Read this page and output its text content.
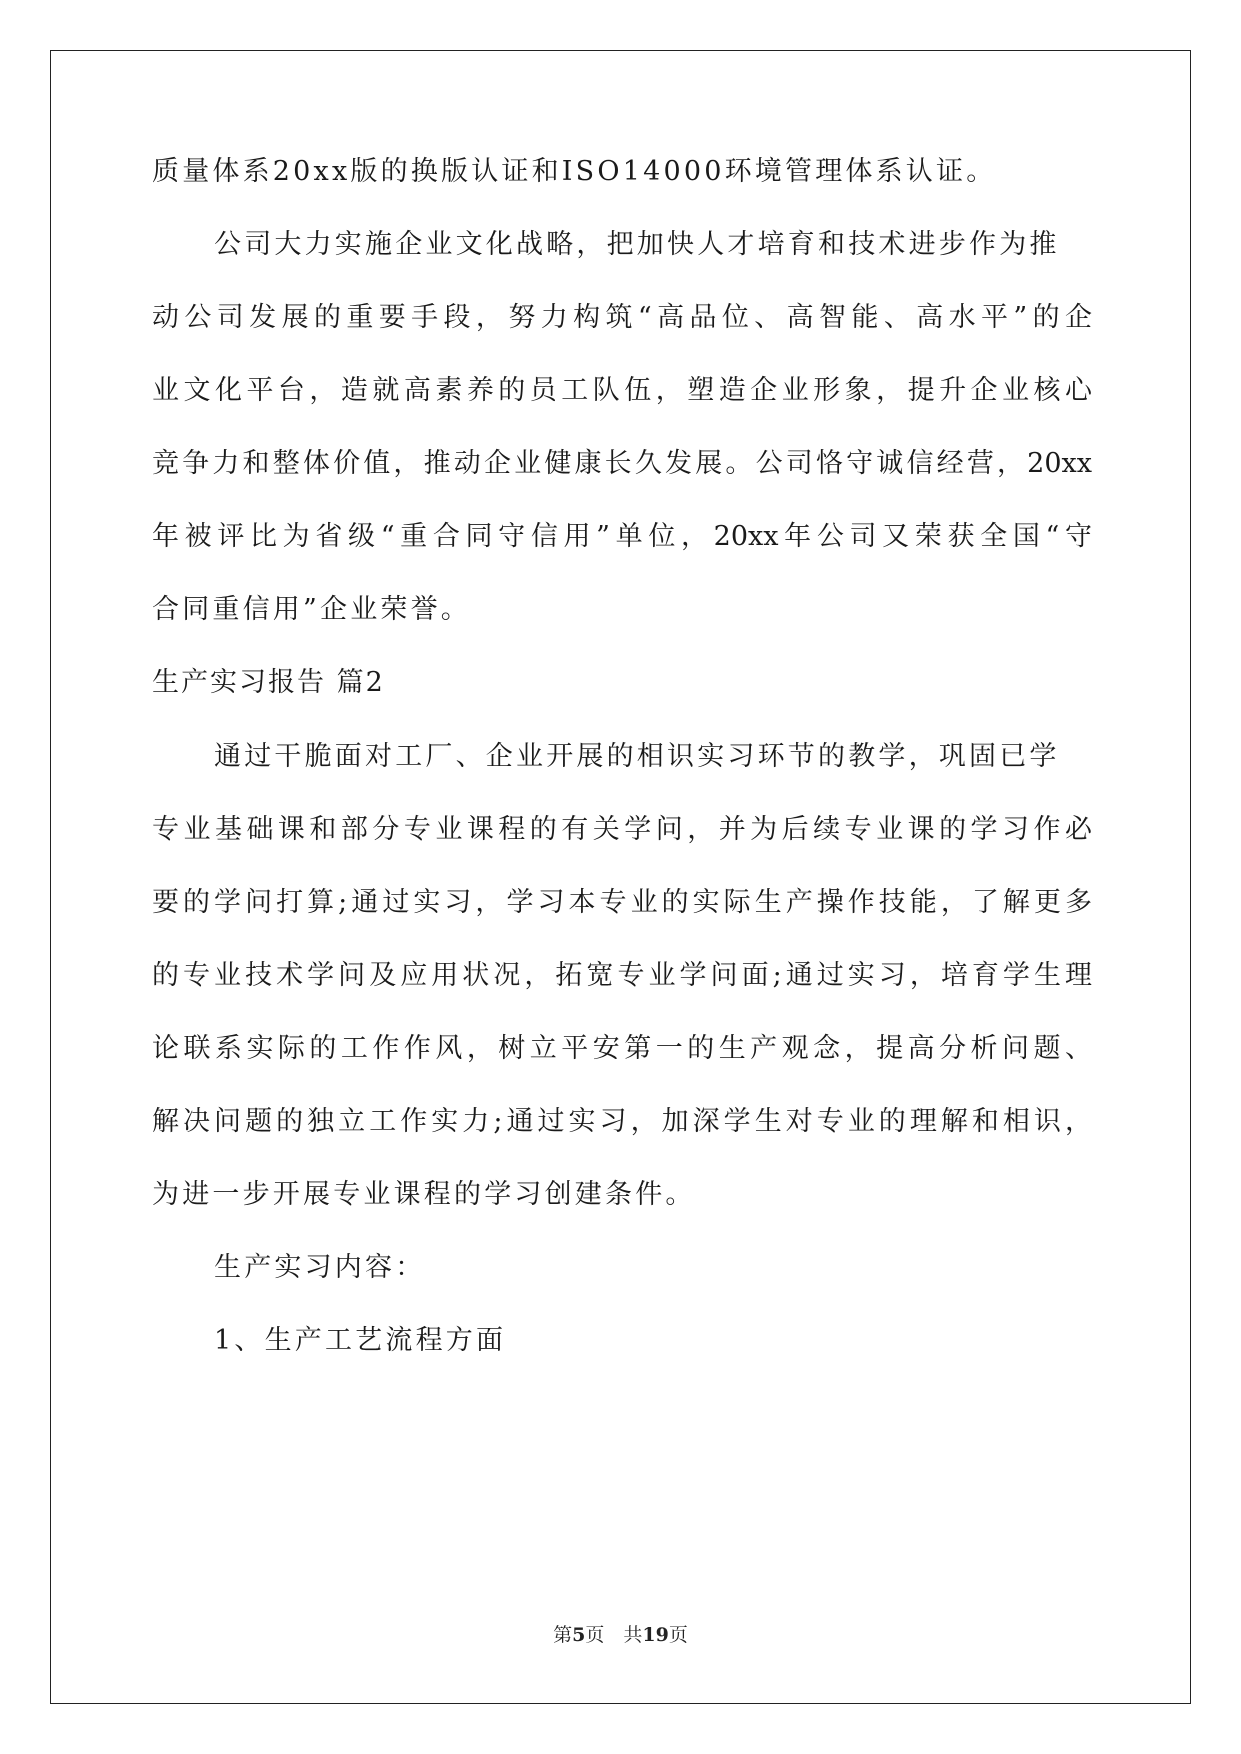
质量体系20xx版的换版认证和ISO14000环境管理体系认证。
公司大力实施企业文化战略，把加快人才培育和技术进步作为推
动公司发展的重要手段，努力构筑“高品位、高智能、高水平”的企
业文化平台，造就高素养的员工队伍，塑造企业形象，提升企业核心
竞争力和整体价值，推动企业健康长久发展。公司恪守诚信经营，20xx
年被评比为省级“重合同守信用”单位，20xx年公司又荣获全国“守
合同重信用”企业荣誉。
生产实习报告 篇2
通过干脆面对工厂、企业开展的相识实习环节的教学，巩固已学
专业基础课和部分专业课程的有关学问，并为后续专业课的学习作必
要的学问打算;通过实习，学习本专业的实际生产操作技能，了解更多
的专业技术学问及应用状况，拓宽专业学问面;通过实习，培育学生理
论联系实际的工作作风，树立平安第一的生产观念，提高分析问题、
解决问题的独立工作实力;通过实习，加深学生对专业的理解和相识，
为进一步开展专业课程的学习创建条件。
生产实习内容：
1、生产工艺流程方面
第5页　共19页
